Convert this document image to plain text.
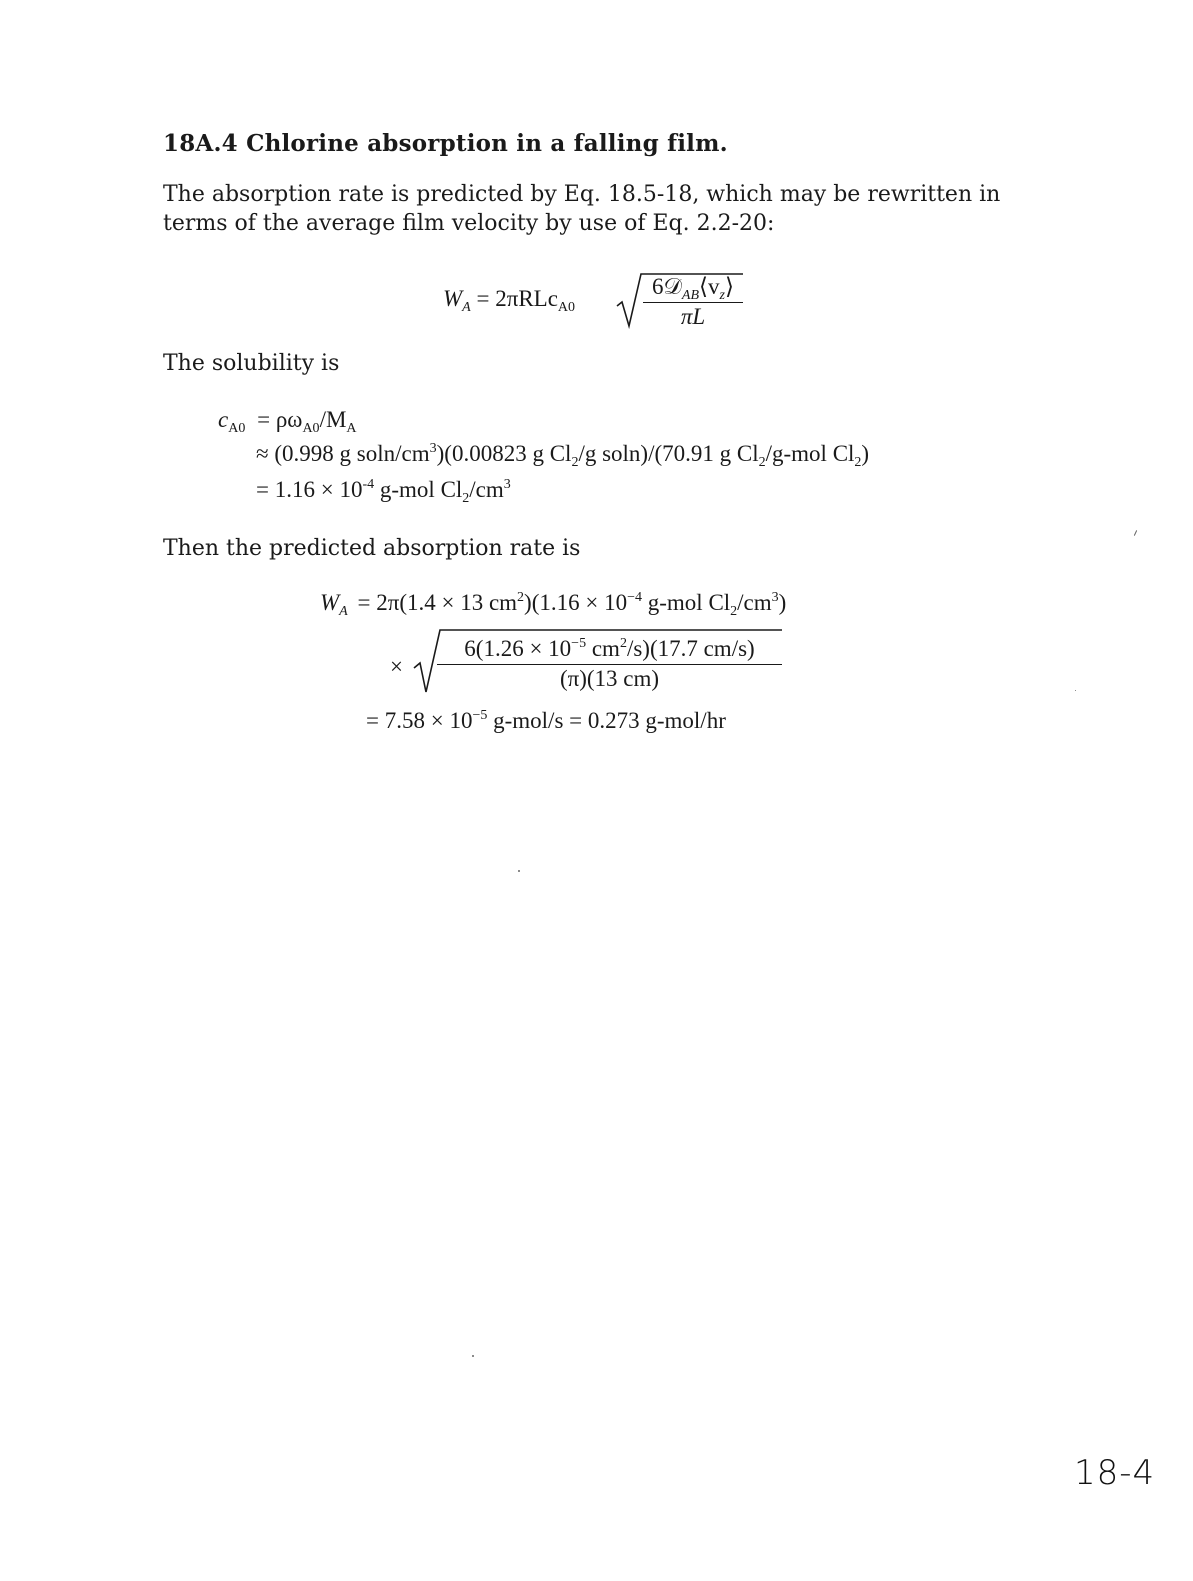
18A.4 Chlorine absorption in a falling film.
The absorption rate is predicted by Eq. 18.5-18, which may be rewritten in terms of the average film velocity by use of Eq. 2.2-20:
$W_A = 2\pi RLc_{A0}$
$6𝒟_{AB}⟨v_z⟩$
πL
The solubility is
$c_{A0} = \rho\omega_{A0}/M_A$
≈ (0.998 g soln/$cm^3)(0.00823$ g $Cl_2/g$ soln)/(70.91 g $Cl_2/g$-mol $Cl_2$)
= $1.16 \times 10^{-4}$ g-mol $Cl_2/cm^3$
Then the predicted absorption rate is
$W_A = 2\pi(1.4 \times 13$ $cm^2)(1.16 \times 10^{-4}$ g-mol $Cl_2/cm^3$)
×
$6(1.26 \times 10^{-5}$ $cm^2/s)(17.7$ cm/s)
(π)(13 cm)
= $7.58 \times 10^{-5}$ g-mol/s = 0.273 g-mol/hr
18-4
